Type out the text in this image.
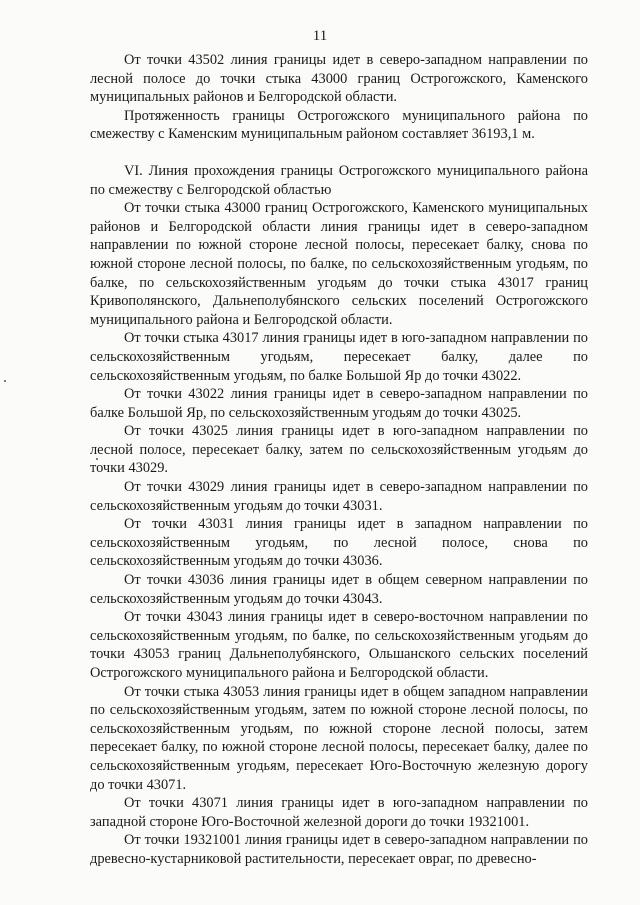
11

От точки 43502 линия границы идет в северо-западном направлении по лесной полосе до точки стыка 43000 границ Острогожского, Каменского муниципальных районов и Белгородской области.

Протяженность границы Острогожского муниципального района по смежеству с Каменским муниципальным районом составляет 36193,1 м.

VI. Линия прохождения границы Острогожского муниципального района по смежеству с Белгородской областью

От точки стыка 43000 границ Острогожского, Каменского муниципальных районов и Белгородской области линия границы идет в северо-западном направлении по южной стороне лесной полосы, пересекает балку, снова по южной стороне лесной полосы, по балке, по сельскохозяйственным угодьям, по балке, по сельскохозяйственным угодьям до точки стыка 43017 границ Кривополянского, Дальнеполубянского сельских поселений Острогожского муниципального района и Белгородской области.

От точки стыка 43017 линия границы идет в юго-западном направлении по сельскохозяйственным угодьям, пересекает балку, далее по сельскохозяйственным угодьям, по балке Большой Яр до точки 43022.

От точки 43022 линия границы идет в северо-западном направлении по балке Большой Яр, по сельскохозяйственным угодьям до точки 43025.

От точки 43025 линия границы идет в юго-западном направлении по лесной полосе, пересекает балку, затем по сельскохозяйственным угодьям до точки 43029.

От точки 43029 линия границы идет в северо-западном направлении по сельскохозяйственным угодьям до точки 43031.

От точки 43031 линия границы идет в западном направлении по сельскохозяйственным угодьям, по лесной полосе, снова по сельскохозяйственным угодьям до точки 43036.

От точки 43036 линия границы идет в общем северном направлении по сельскохозяйственным угодьям до точки 43043.

От точки 43043 линия границы идет в северо-восточном направлении по сельскохозяйственным угодьям, по балке, по сельскохозяйственным угодьям до точки 43053 границ Дальнеполубянского, Ольшанского сельских поселений Острогожского муниципального района и Белгородской области.

От точки стыка 43053 линия границы идет в общем западном направлении по сельскохозяйственным угодьям, затем по южной стороне лесной полосы, по сельскохозяйственным угодьям, по южной стороне лесной полосы, затем пересекает балку, по южной стороне лесной полосы, пересекает балку, далее по сельскохозяйственным угодьям, пересекает Юго-Восточную железную дорогу до точки 43071.

От точки 43071 линия границы идет в юго-западном направлении по западной стороне Юго-Восточной железной дороги до точки 19321001.

От точки 19321001 линия границы идет в северо-западном направлении по древесно-кустарниковой растительности, пересекает овраг, по древесно-
